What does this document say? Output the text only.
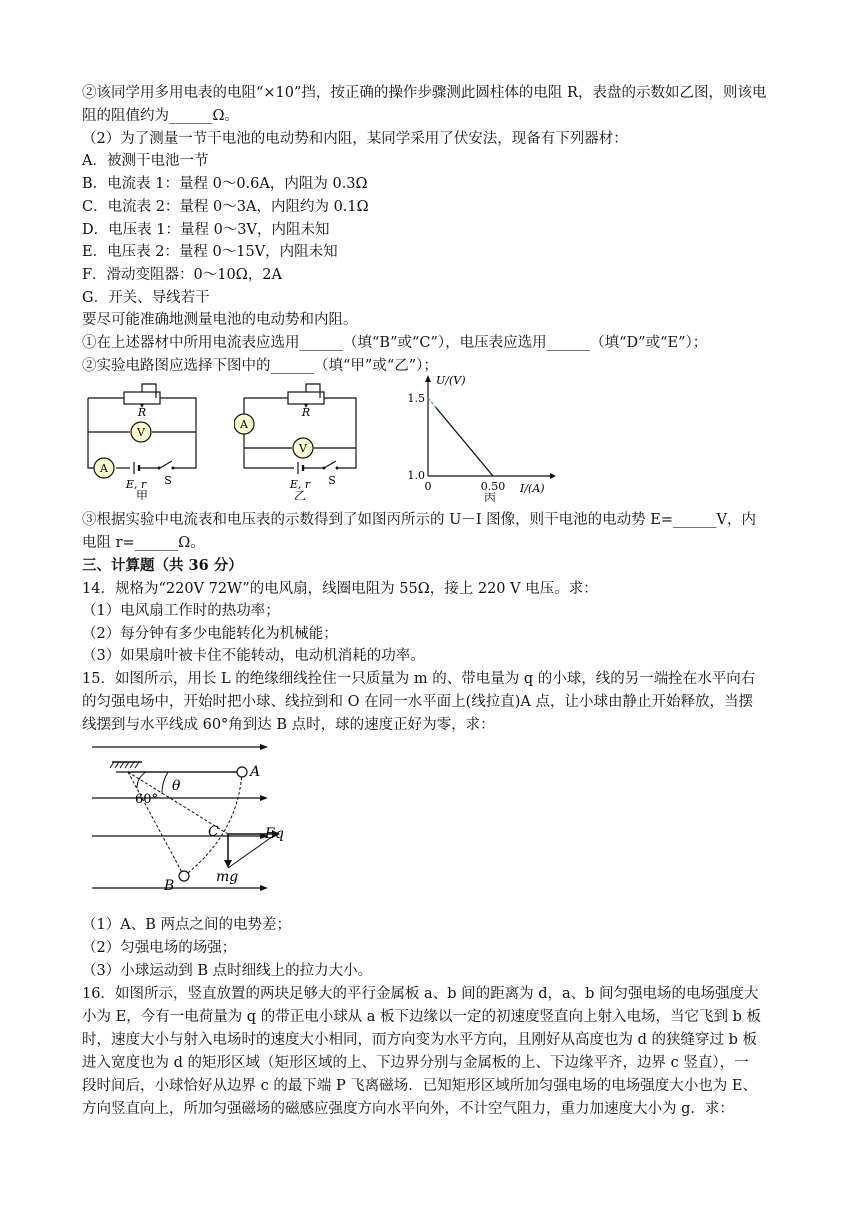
②该同学用多用电表的电阻“×10”挡，按正确的操作步骤测此圆柱体的电阻 R，表盘的示数如乙图，则该电
阻的阻值约为______Ω。
（2）为了测量一节干电池的电动势和内阻，某同学采用了伏安法，现备有下列器材：
A．被测干电池一节
B．电流表 1：量程 0～0.6A，内阻为 0.3Ω
C．电流表 2：量程 0～3A，内阻约为 0.1Ω
D．电压表 1：量程 0～3V，内阻未知
E．电压表 2：量程 0～15V，内阻未知
F．滑动变阻器：0～10Ω，2A
G．开关、导线若干
要尽可能准确地测量电池的电动势和内阻。
①在上述器材中所用电流表应选用______（填“B”或“C”），电压表应选用______（填“D”或“E”）；
②实验电路图应选择下图中的______（填“甲”或“乙”）；
R
V
A
E, r S
甲
R
A
V
E, r S
乙
U/(V)
I/(A)
1.5
1.0
0	0.50
丙
③根据实验中电流表和电压表的示数得到了如图丙所示的 U－I 图像，则干电池的电动势 E=______V，内
电阻 r=______Ω。
三、计算题（共 36 分）
14．规格为“220V 72W”的电风扇，线圈电阻为 55Ω，接上 220 V 电压。求：
（1）电风扇工作时的热功率；
（2）每分钟有多少电能转化为机械能；
（3）如果扇叶被卡住不能转动，电动机消耗的功率。
15．如图所示，用长 L 的绝缘细线拴住一只质量为 m 的、带电量为 q 的小球，线的另一端拴在水平向右
的匀强电场中，开始时把小球、线拉到和 O 在同一水平面上(线拉直)A 点，让小球由静止开始释放，当摆
线摆到与水平线成 60°角到达 B 点时，球的速度正好为零，求：
A
B
C
60°
θ
Eq
mg
（1）A、B 两点之间的电势差；
（2）匀强电场的场强；
（3）小球运动到 B 点时细线上的拉力大小。
16．如图所示，竖直放置的两块足够大的平行金属板 a、b 间的距离为 d，a、b 间匀强电场的电场强度大
小为 E，今有一电荷量为 q 的带正电小球从 a 板下边缘以一定的初速度竖直向上射入电场，当它飞到 b 板
时，速度大小与射入电场时的速度大小相同，而方向变为水平方向，且刚好从高度也为 d 的狭缝穿过 b 板
进入宽度也为 d 的矩形区域（矩形区域的上、下边界分别与金属板的上、下边缘平齐，边界 c 竖直），一
段时间后，小球恰好从边界 c 的最下端 P 飞离磁场．已知矩形区域所加匀强电场的电场强度大小也为 E、
方向竖直向上，所加匀强磁场的磁感应强度方向水平向外，不计空气阻力，重力加速度大小为 g．求：
